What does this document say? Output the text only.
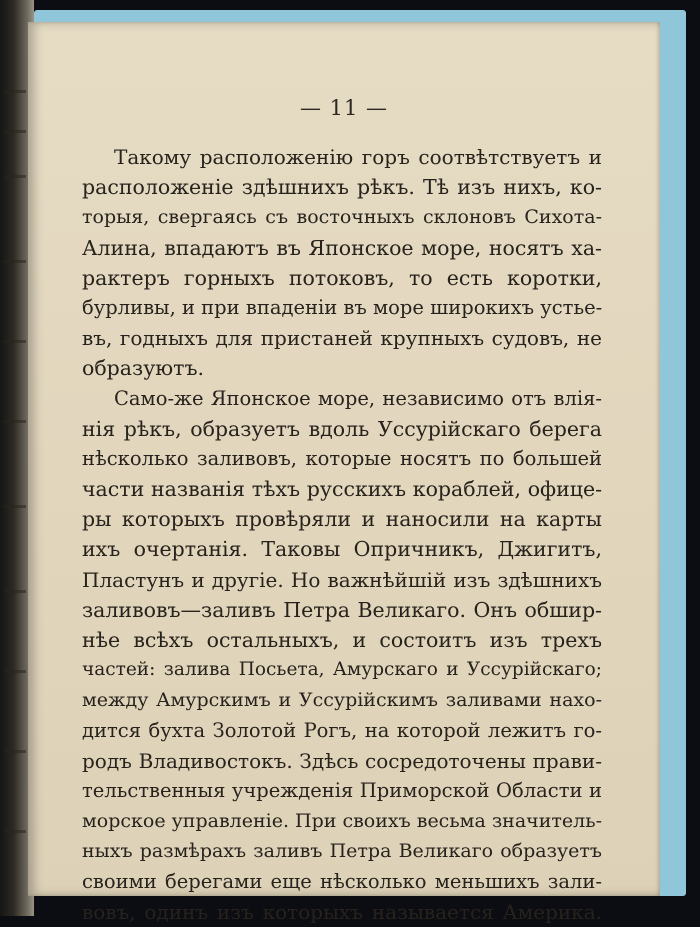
— 11 —
Такому расположенію горъ соотвѣтствуетъ и
расположеніе здѣшнихъ рѣкъ. Тѣ изъ нихъ, ко-
торыя, свергаясь съ восточныхъ склоновъ Сихота-
Алина, впадаютъ въ Японское море, носятъ ха-
рактеръ горныхъ потоковъ, то есть коротки,
бурливы, и при впаденіи въ море широкихъ устье-
въ, годныхъ для пристаней крупныхъ судовъ, не
образуютъ.
Само-же Японское море, независимо отъ влія-
нія рѣкъ, образуетъ вдоль Уссурійскаго берега
нѣсколько заливовъ, которые носятъ по большей
части названія тѣхъ русскихъ кораблей, офице-
ры которыхъ провѣряли и наносили на карты
ихъ очертанія. Таковы Опричникъ, Джигитъ,
Пластунъ и другіе. Но важнѣйшій изъ здѣшнихъ
заливовъ—заливъ Петра Великаго. Онъ обшир-
нѣе всѣхъ остальныхъ, и состоитъ изъ трехъ
частей: залива Посьета, Амурскаго и Уссурійскаго;
между Амурскимъ и Уссурійскимъ заливами нахо-
дится бухта Золотой Рогъ, на которой лежитъ го-
родъ Владивостокъ. Здѣсь сосредоточены прави-
тельственныя учрежденія Приморской Области и
морское управленіе. При своихъ весьма значитель-
ныхъ размѣрахъ заливъ Петра Великаго образуетъ
своими берегами еще нѣсколько меньшихъ зали-
вовъ, одинъ изъ которыхъ называется Америка.
